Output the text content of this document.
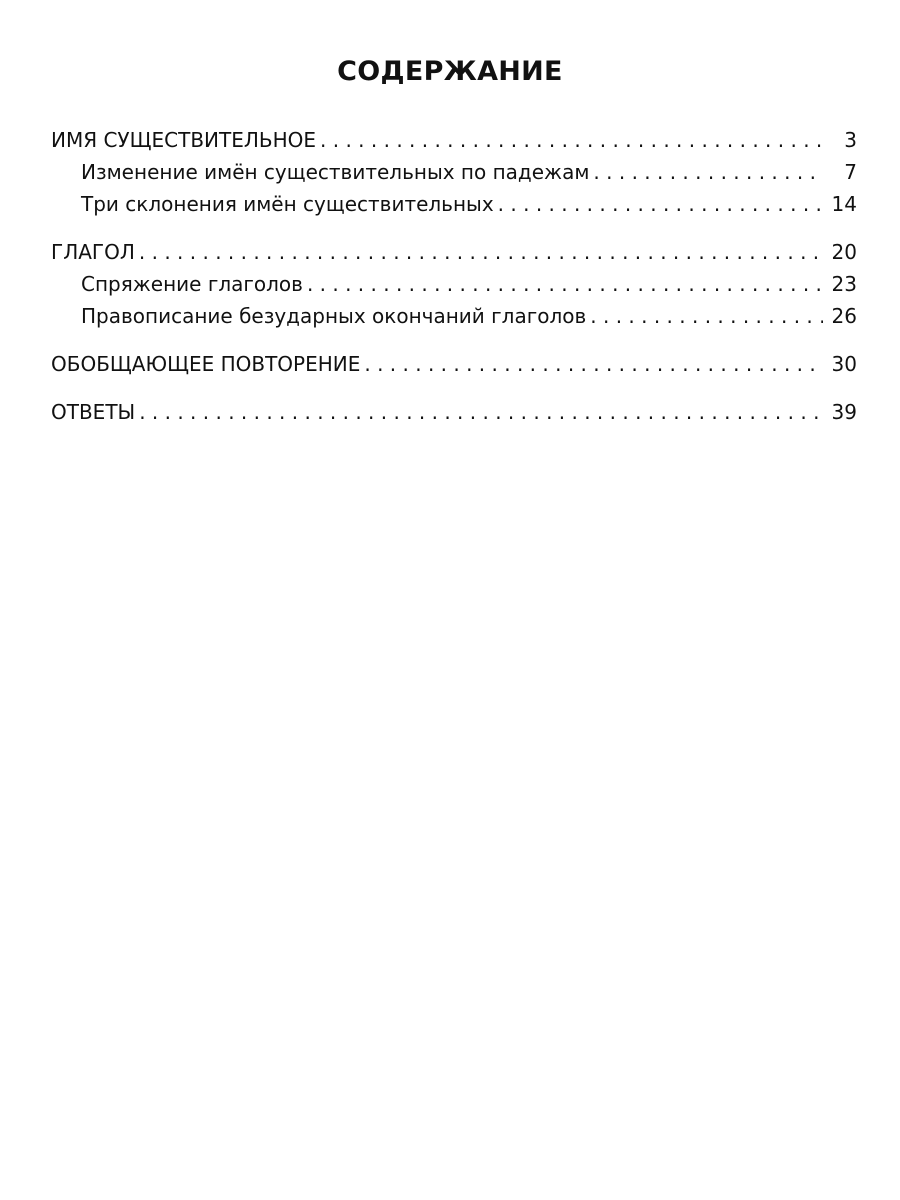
СОДЕРЖАНИЕ
ИМЯ СУЩЕСТВИТЕЛЬНОЕ . . .	3
Изменение имён существительных по падежам . . .	7
Три склонения имён существительных . . .	14
ГЛАГОЛ . . .	20
Спряжение глаголов . . .	23
Правописание безударных окончаний глаголов . . .	26
ОБОБЩАЮЩЕЕ ПОВТОРЕНИЕ . . .	30
ОТВЕТЫ . . .	39
